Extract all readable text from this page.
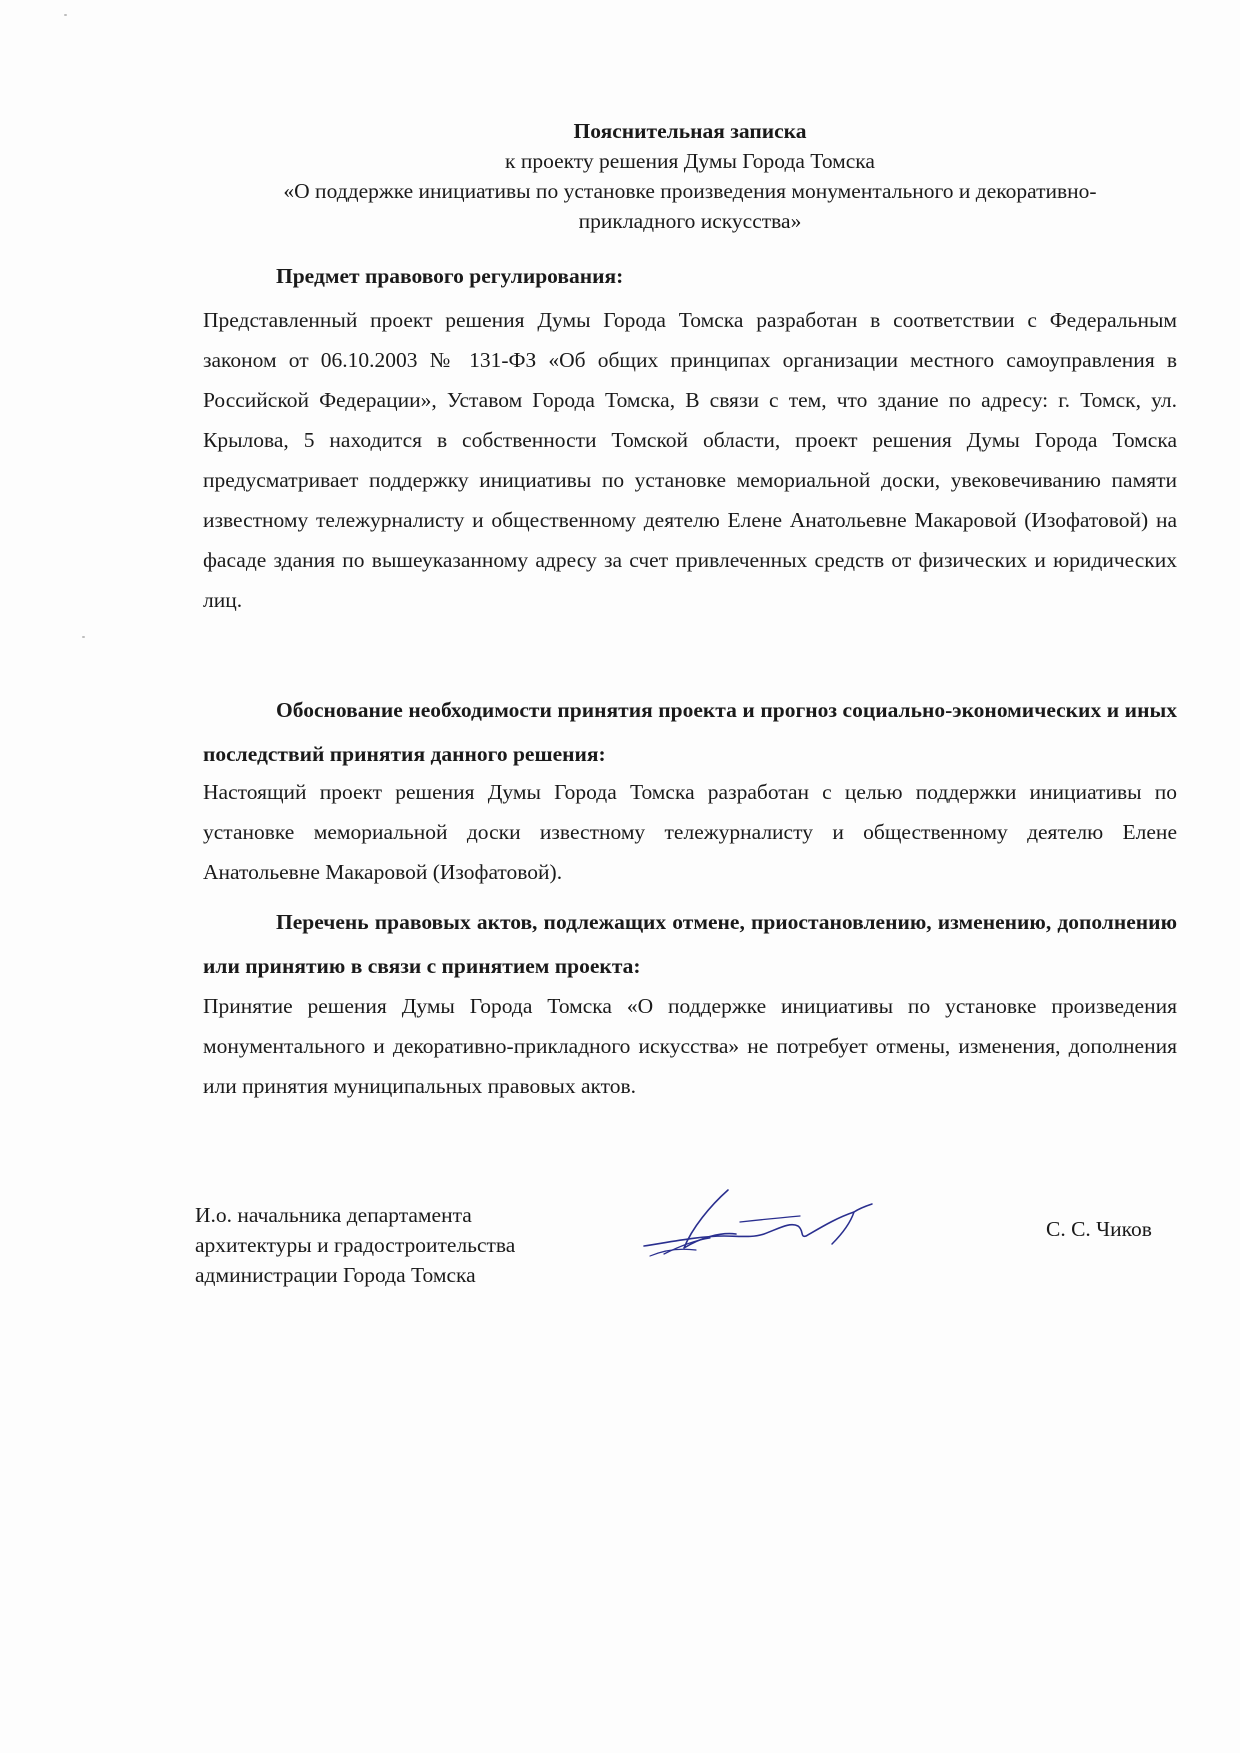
Пояснительная записка
к проекту решения Думы Города Томска
«О поддержке инициативы по установке произведения монументального и декоративно-
прикладного искусства»
Предмет правового регулирования:
Представленный проект решения Думы Города Томска разработан в соответствии с Федеральным законом от 06.10.2003 № 131-ФЗ «Об общих принципах организации местного самоуправления в Российской Федерации», Уставом Города Томска, В связи с тем, что здание по адресу: г. Томск, ул. Крылова, 5 находится в собственности Томской области, проект решения Думы Города Томска предусматривает поддержку инициативы по установке мемориальной доски, увековечиванию памяти известному тележурналисту и общественному деятелю Елене Анатольевне Макаровой (Изофатовой) на фасаде здания по вышеуказанному адресу за счет привлеченных средств от физических и юридических лиц.
Обоснование необходимости принятия проекта и прогноз социально-экономических и иных последствий принятия данного решения:
Настоящий проект решения Думы Города Томска разработан с целью поддержки инициативы по установке мемориальной доски известному тележурналисту и общественному деятелю Елене Анатольевне Макаровой (Изофатовой).
Перечень правовых актов, подлежащих отмене, приостановлению, изменению, дополнению или принятию в связи с принятием проекта:
Принятие решения Думы Города Томска «О поддержке инициативы по установке произведения монументального и декоративно-прикладного искусства» не потребует отмены, изменения, дополнения или принятия муниципальных правовых актов.
И.о. начальника департамента
архитектуры и градостроительства
администрации Города Томска
С. С. Чиков
